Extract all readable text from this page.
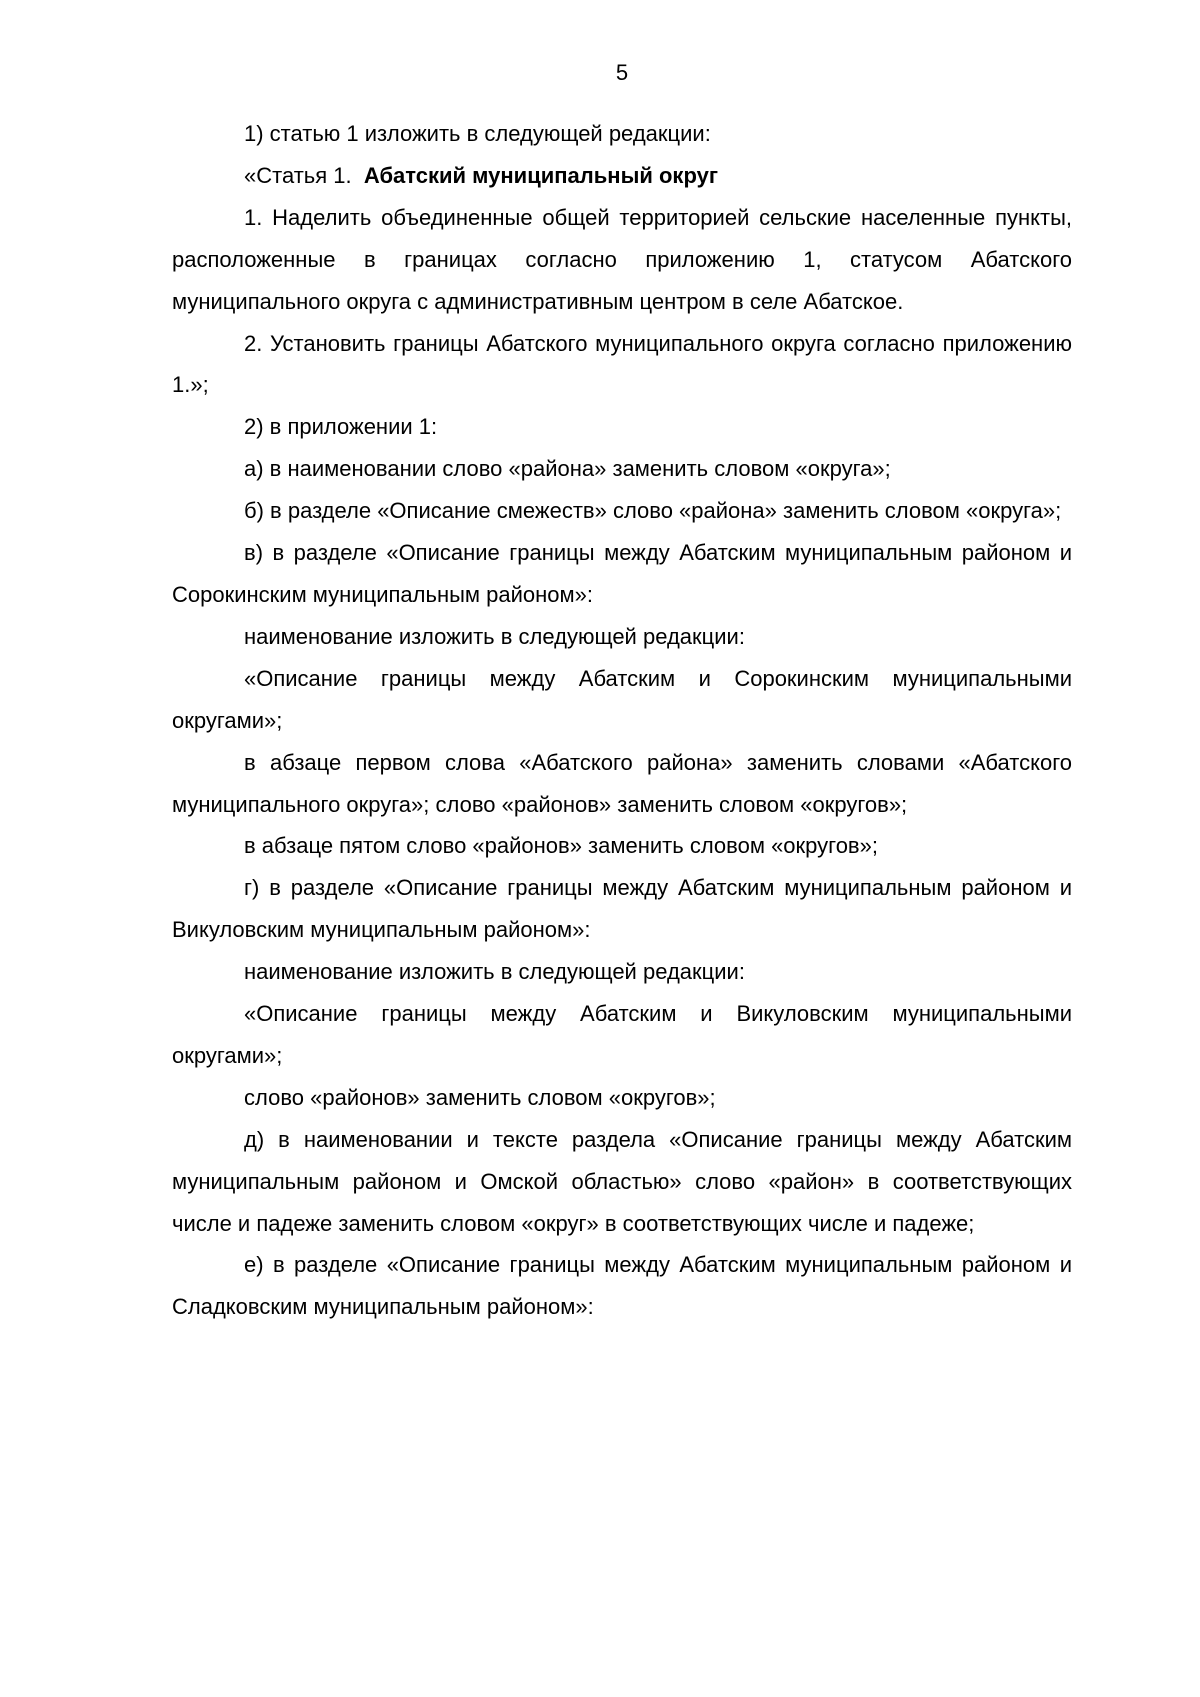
5

1) статью 1 изложить в следующей редакции:

«Статья 1. Абатский муниципальный округ

1. Наделить объединенные общей территорией сельские населенные пункты, расположенные в границах согласно приложению 1, статусом Абатского муниципального округа с административным центром в селе Абатское.

2. Установить границы Абатского муниципального округа согласно приложению 1.»;

2) в приложении 1:

а) в наименовании слово «района» заменить словом «округа»;

б) в разделе «Описание смежеств» слово «района» заменить словом «округа»;

в) в разделе «Описание границы между Абатским муниципальным районом и Сорокинским муниципальным районом»:

наименование изложить в следующей редакции:

«Описание границы между Абатским и Сорокинским муниципальными округами»;

в абзаце первом слова «Абатского района» заменить словами «Абатского муниципального округа»; слово «районов» заменить словом «округов»;

в абзаце пятом слово «районов» заменить словом «округов»;

г) в разделе «Описание границы между Абатским муниципальным районом и Викуловским муниципальным районом»:

наименование изложить в следующей редакции:

«Описание границы между Абатским и Викуловским муниципальными округами»;

слово «районов» заменить словом «округов»;

д) в наименовании и тексте раздела «Описание границы между Абатским муниципальным районом и Омской областью» слово «район» в соответствующих числе и падеже заменить словом «округ» в соответствующих числе и падеже;

е) в разделе «Описание границы между Абатским муниципальным районом и Сладковским муниципальным районом»:
